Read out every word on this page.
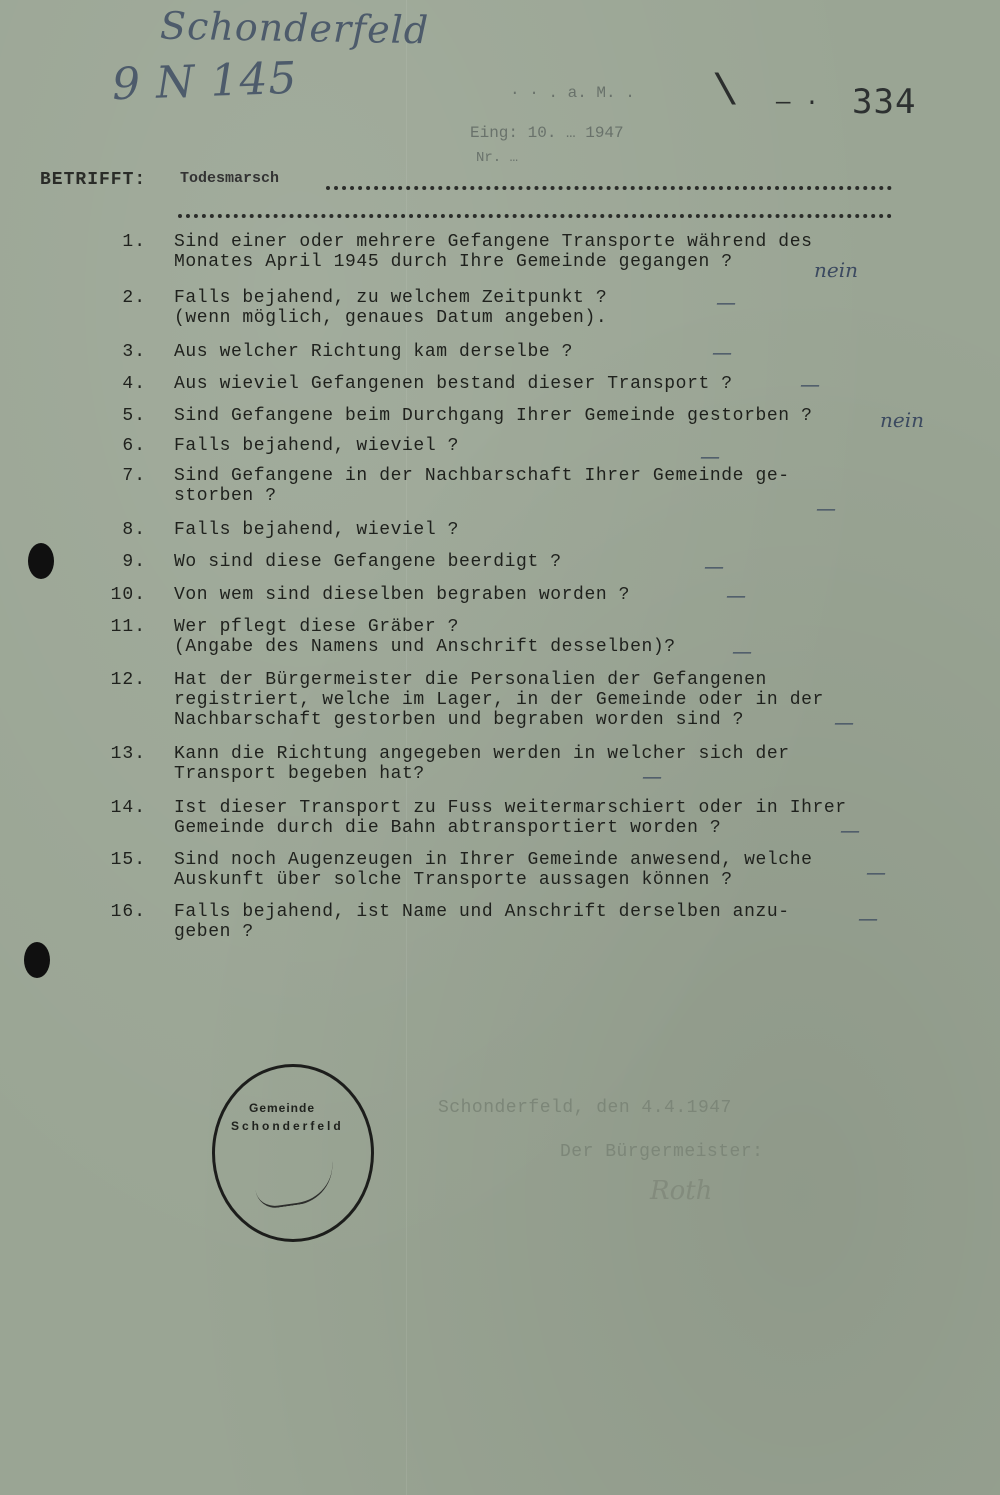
Schonderfeld
9 N 145	· · . a. M. .
Eing: 10. … 1947
Nr. …
\ — · 334
BETRIFFT: Todesmarsch
1. Sind einer oder mehrere Gefangene Transporte während des
Monates April 1945 durch Ihre Gemeinde gegangen ?	nein
2. Falls bejahend, zu welchem Zeitpunkt ?
(wenn möglich, genaues Datum angeben).
—
3. Aus welcher Richtung kam derselbe ?	—
4. Aus wieviel Gefangenen bestand dieser Transport ?	—
5. Sind Gefangene beim Durchgang Ihrer Gemeinde gestorben ?	nein
6. Falls bejahend, wieviel ?	—
7. Sind Gefangene in der Nachbarschaft Ihrer Gemeinde ge-
storben ?	—
8. Falls bejahend, wieviel ?
9. Wo sind diese Gefangene beerdigt ?	—
10. Von wem sind dieselben begraben worden ?	—
11. Wer pflegt diese Gräber ?
(Angabe des Namens und Anschrift desselben)?	—
12. Hat der Bürgermeister die Personalien der Gefangenen
registriert, welche im Lager, in der Gemeinde oder in der
Nachbarschaft gestorben und begraben worden sind ?	—
13. Kann die Richtung angegeben werden in welcher sich der
Transport begeben hat?	—
14. Ist dieser Transport zu Fuss weitermarschiert oder in Ihrer
Gemeinde durch die Bahn abtransportiert worden ?	—
15. Sind noch Augenzeugen in Ihrer Gemeinde anwesend, welche
Auskunft über solche Transporte aussagen können ?	—
16. Falls bejahend, ist Name und Anschrift derselben anzu-
geben ?
—
Gemeinde
Schonderfeld
Schonderfeld, den 4.4.1947
Der Bürgermeister:
Roth
